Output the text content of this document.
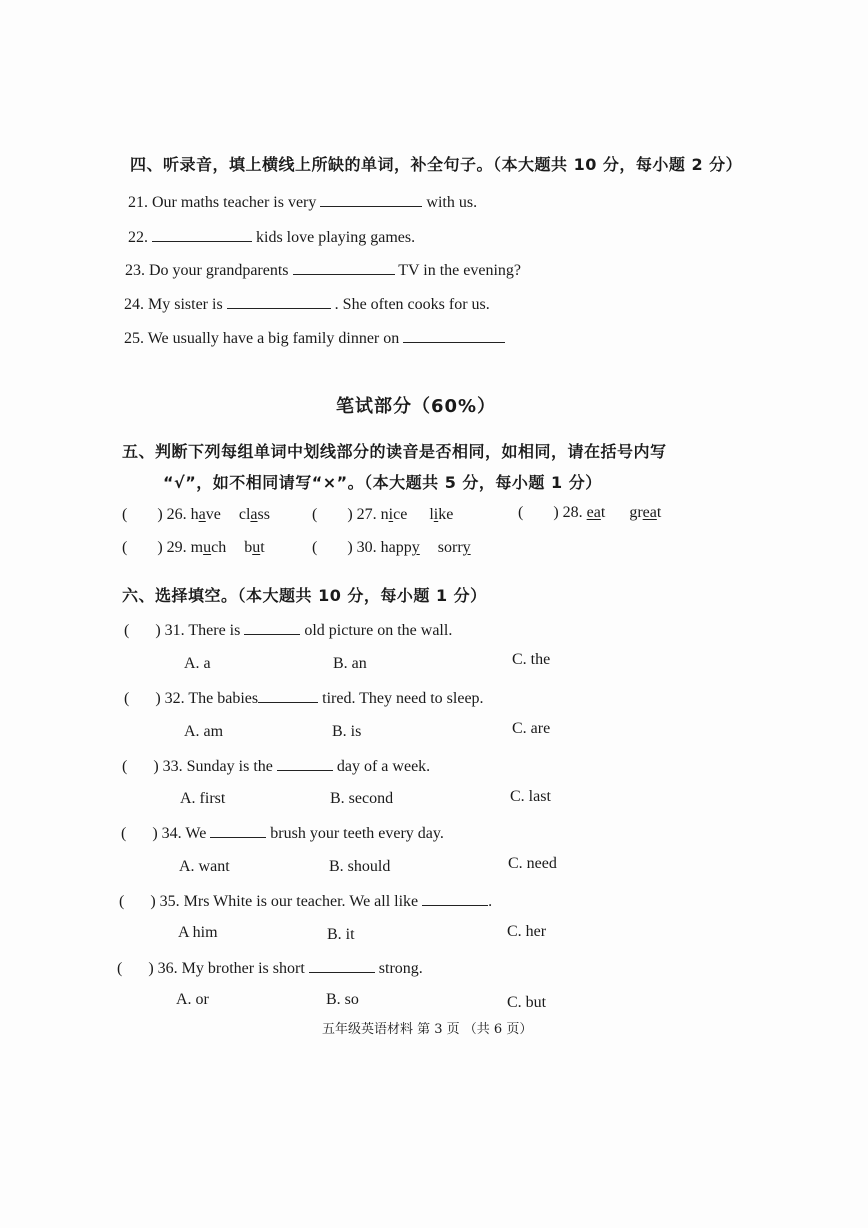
四、听录音，填上横线上所缺的单词，补全句子。（本大题共 10 分，每小题 2 分）
21. Our maths teacher is very	with us.
22.	kids love playing games.
23. Do your grandparents	TV in the evening?
24. My sister is	. She often cooks for us.
25. We usually have a big family dinner on
笔试部分（60%）
五、判断下列每组单词中划线部分的读音是否相同，如相同，请在括号内写
“√”，如不相同请写“×”。（本大题共 5 分，每小题 1 分）
( ) 26. have class	( ) 27. nice like	( ) 28. eat great
( ) 29. much but	( ) 30. happy sorry
六、选择填空。（本大题共 10 分，每小题 1 分）
( ) 31. There is	old picture on the wall.
A. a	B. an	C. the
( ) 32. The babies	tired. They need to sleep.
A. am	B. is	C. are
( ) 33. Sunday is the	day of a week.
A. first	B. second	C. last
( ) 34. We	brush your teeth every day.
A. want	B. should	C. need
( ) 35. Mrs White is our teacher. We all like	.
A him	B. it	C. her
( ) 36. My brother is short	strong.
A. or	B. so	C. but
五年级英语材料 第 3 页 （共 6 页）
